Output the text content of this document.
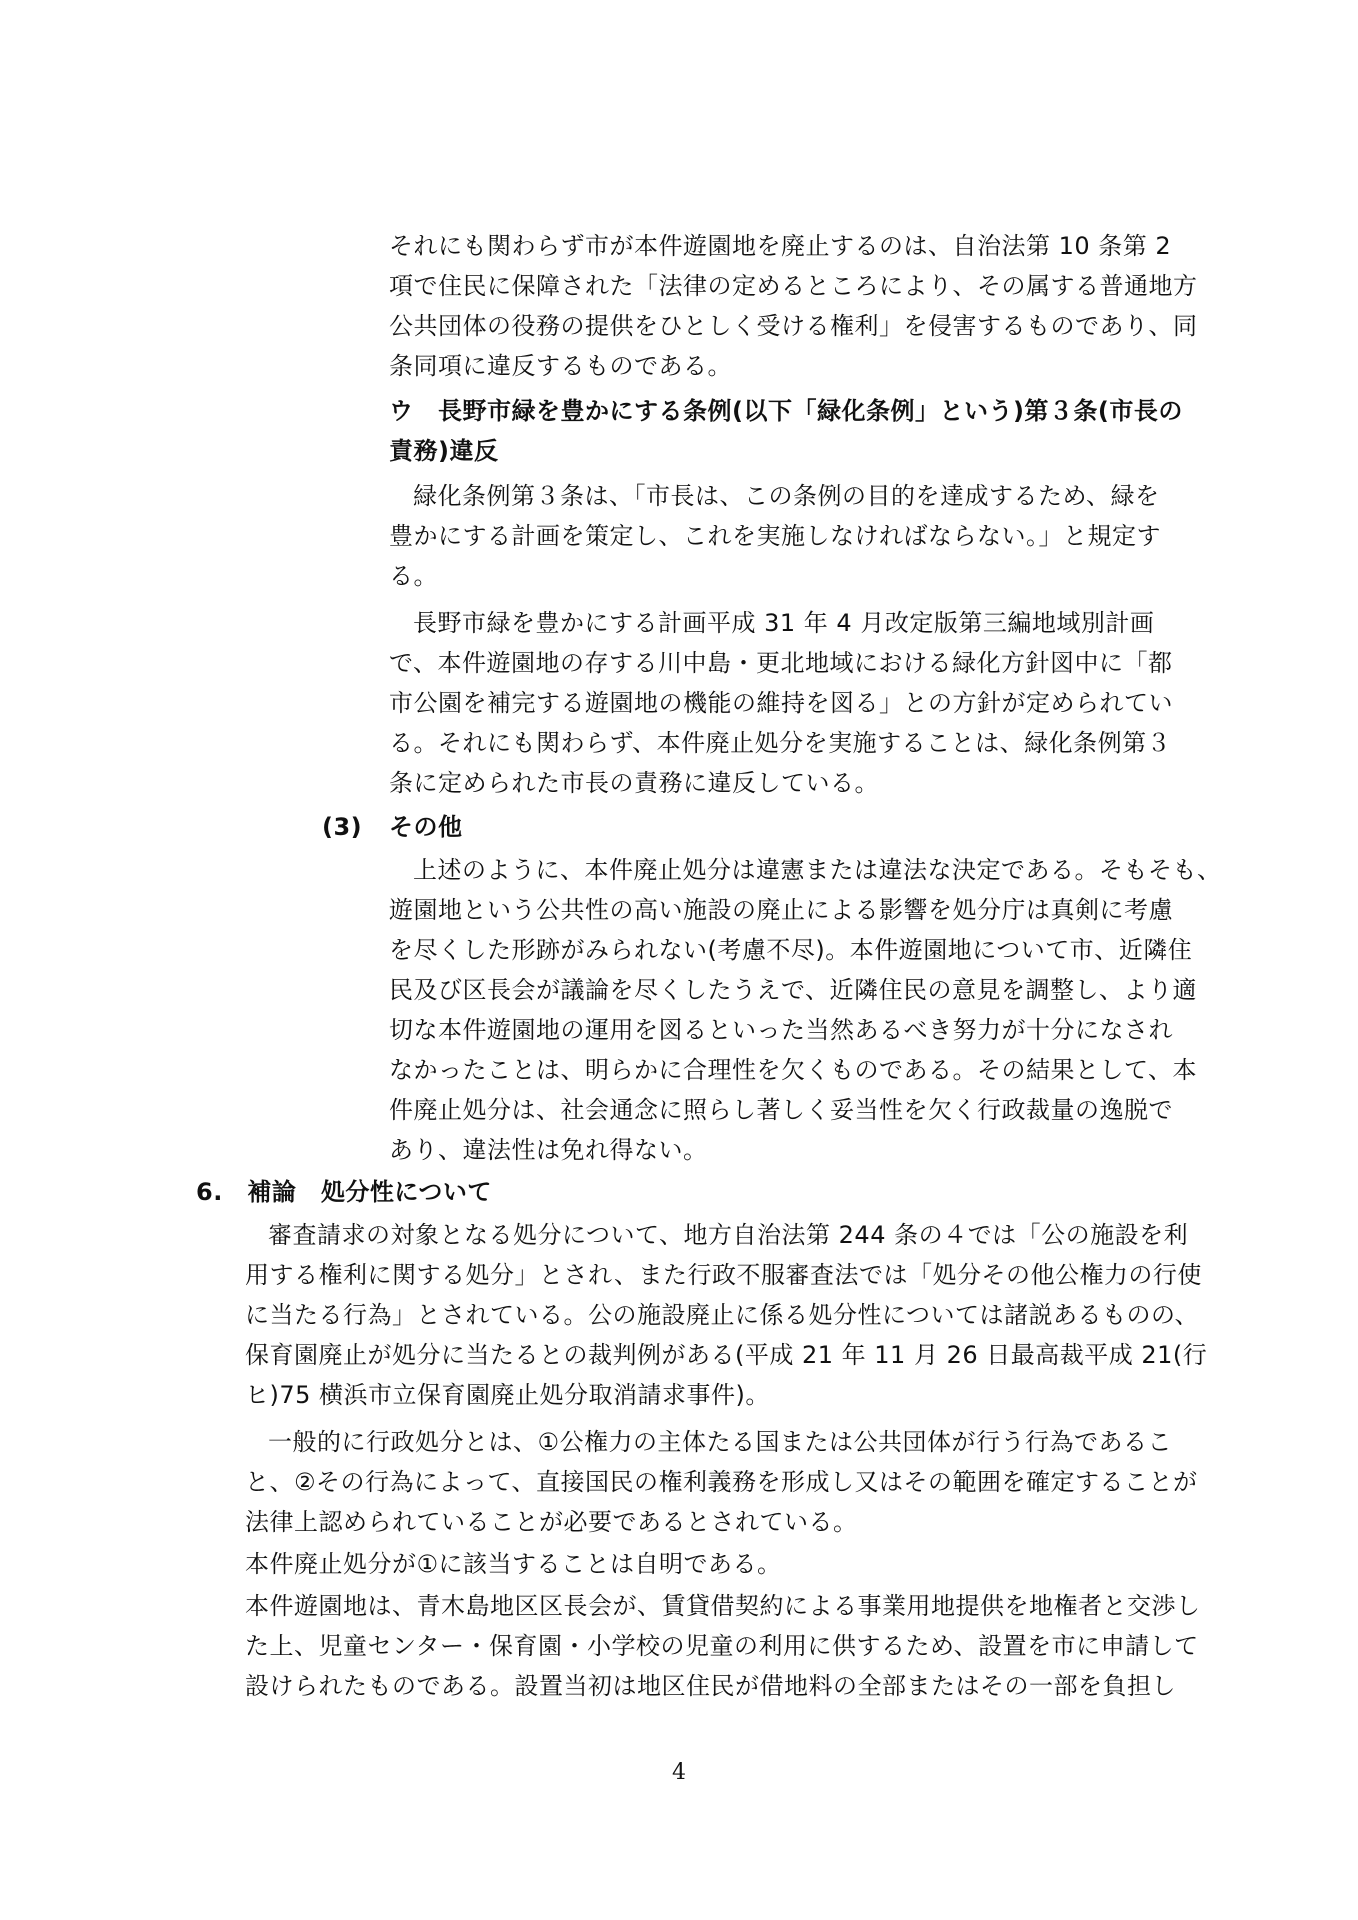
それにも関わらず市が本件遊園地を廃止するのは、自治法第 10 条第 2
項で住民に保障された「法律の定めるところにより、その属する普通地方
公共団体の役務の提供をひとしく受ける権利」を侵害するものであり、同
条同項に違反するものである。
ウ　長野市緑を豊かにする条例(以下「緑化条例」という)第３条(市長の
責務)違反
緑化条例第３条は、「市長は、この条例の目的を達成するため、緑を
豊かにする計画を策定し、これを実施しなければならない。」と規定す
る。
長野市緑を豊かにする計画平成 31 年 4 月改定版第三編地域別計画
で、本件遊園地の存する川中島・更北地域における緑化方針図中に「都
市公園を補完する遊園地の機能の維持を図る」との方針が定められてい
る。それにも関わらず、本件廃止処分を実施することは、緑化条例第３
条に定められた市長の責務に違反している。
(3) その他
上述のように、本件廃止処分は違憲または違法な決定である。そもそも、
遊園地という公共性の高い施設の廃止による影響を処分庁は真剣に考慮
を尽くした形跡がみられない(考慮不尽)。本件遊園地について市、近隣住
民及び区長会が議論を尽くしたうえで、近隣住民の意見を調整し、より適
切な本件遊園地の運用を図るといった当然あるべき努力が十分になされ
なかったことは、明らかに合理性を欠くものである。その結果として、本
件廃止処分は、社会通念に照らし著しく妥当性を欠く行政裁量の逸脱で
あり、違法性は免れ得ない。
6.　補論　処分性について
審査請求の対象となる処分について、地方自治法第 244 条の４では「公の施設を利
用する権利に関する処分」とされ、また行政不服審査法では「処分その他公権力の行使
に当たる行為」とされている。公の施設廃止に係る処分性については諸説あるものの、
保育園廃止が処分に当たるとの裁判例がある(平成 21 年 11 月 26 日最高裁平成 21(行
ヒ)75 横浜市立保育園廃止処分取消請求事件)。
一般的に行政処分とは、①公権力の主体たる国または公共団体が行う行為であるこ
と、②その行為によって、直接国民の権利義務を形成し又はその範囲を確定することが
法律上認められていることが必要であるとされている。
本件廃止処分が①に該当することは自明である。
本件遊園地は、青木島地区区長会が、賃貸借契約による事業用地提供を地権者と交渉し
た上、児童センター・保育園・小学校の児童の利用に供するため、設置を市に申請して
設けられたものである。設置当初は地区住民が借地料の全部またはその一部を負担し
4
